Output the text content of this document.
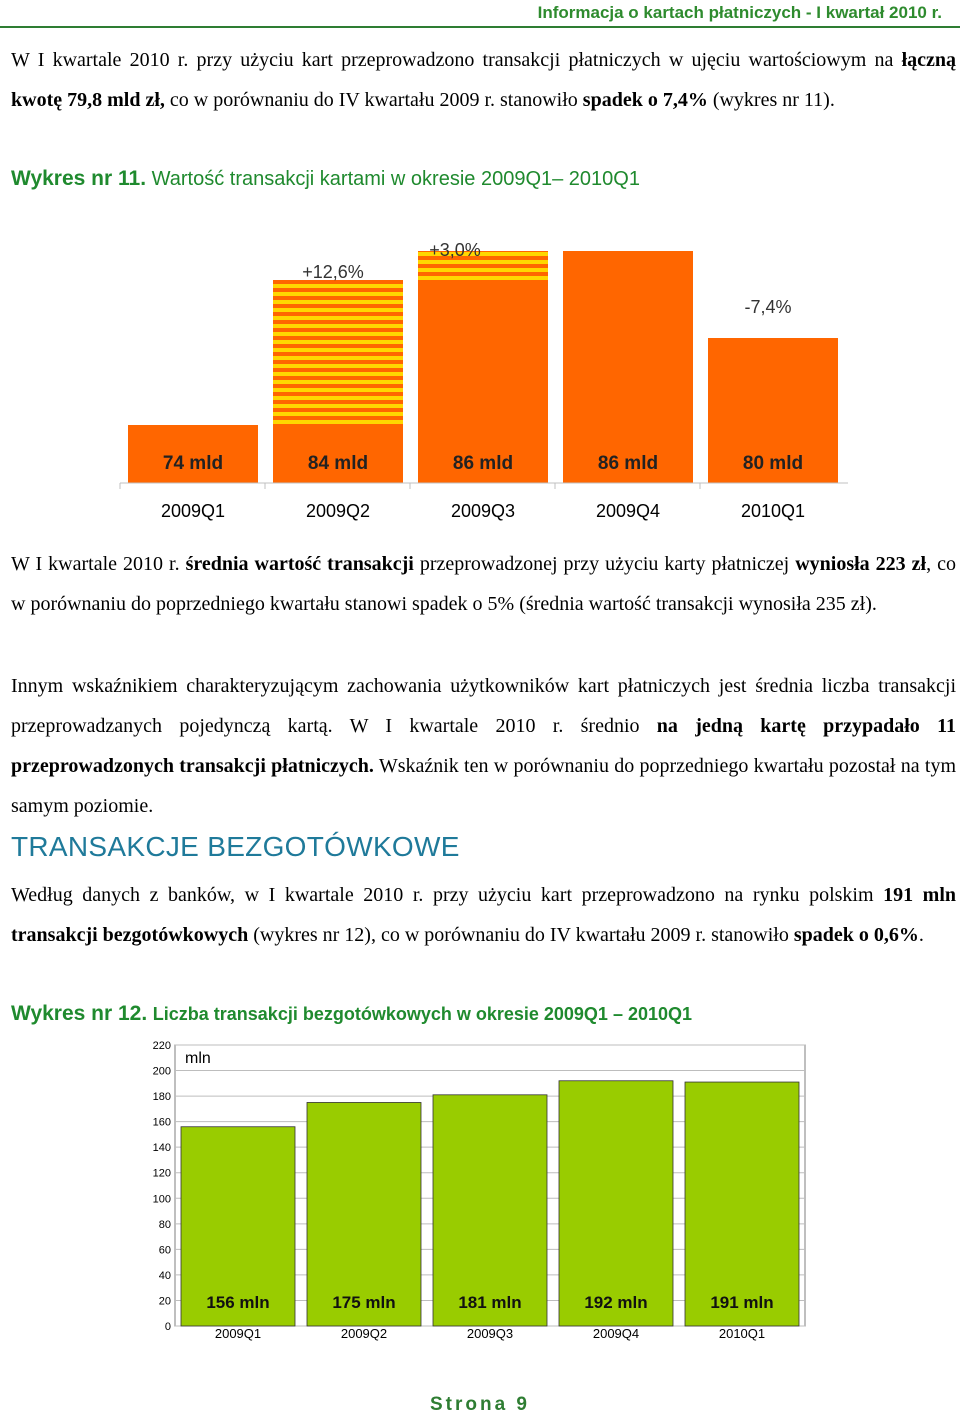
Informacja o kartach płatniczych - I kwartał 2010 r.
W I kwartale 2010 r. przy użyciu kart przeprowadzono transakcji płatniczych w ujęciu wartościowym na łączną kwotę 79,8 mld zł, co w porównaniu do IV kwartału 2009 r. stanowiło spadek o 7,4% (wykres nr 11).
Wykres nr 11. Wartość transakcji kartami w okresie 2009Q1– 2010Q1
74 mld
2009Q1
84 mld
2009Q2
+12,6%
86 mld
2009Q3
+3,0%
86 mld
2009Q4
80 mld
2010Q1
-7,4%
W I kwartale 2010 r. średnia wartość transakcji przeprowadzonej przy użyciu karty płatniczej wyniosła 223 zł, co w porównaniu do poprzedniego kwartału stanowi spadek o 5% (średnia wartość transakcji wynosiła 235 zł).
Innym wskaźnikiem charakteryzującym zachowania użytkowników kart płatniczych jest średnia liczba transakcji przeprowadzanych pojedynczą kartą. W I kwartale 2010 r. średnio na jedną kartę przypadało 11 przeprowadzonych transakcji płatniczych. Wskaźnik ten w porównaniu do poprzedniego kwartału pozostał na tym samym poziomie.
TRANSAKCJE BEZGOTÓWKOWE
Według danych z banków, w I kwartale 2010 r. przy użyciu kart przeprowadzono na rynku polskim 191 mln transakcji bezgotówkowych (wykres nr 12), co w porównaniu do IV kwartału 2009 r. stanowiło spadek o 0,6%.
Wykres nr 12. Liczba transakcji bezgotówkowych w okresie 2009Q1 – 2010Q1
0
20
40
60
80
100
120
140
160
180
200
220
mln
156 mln
2009Q1
175 mln
2009Q2
181 mln
2009Q3
192 mln
2009Q4
191 mln
2010Q1
Strona 9
